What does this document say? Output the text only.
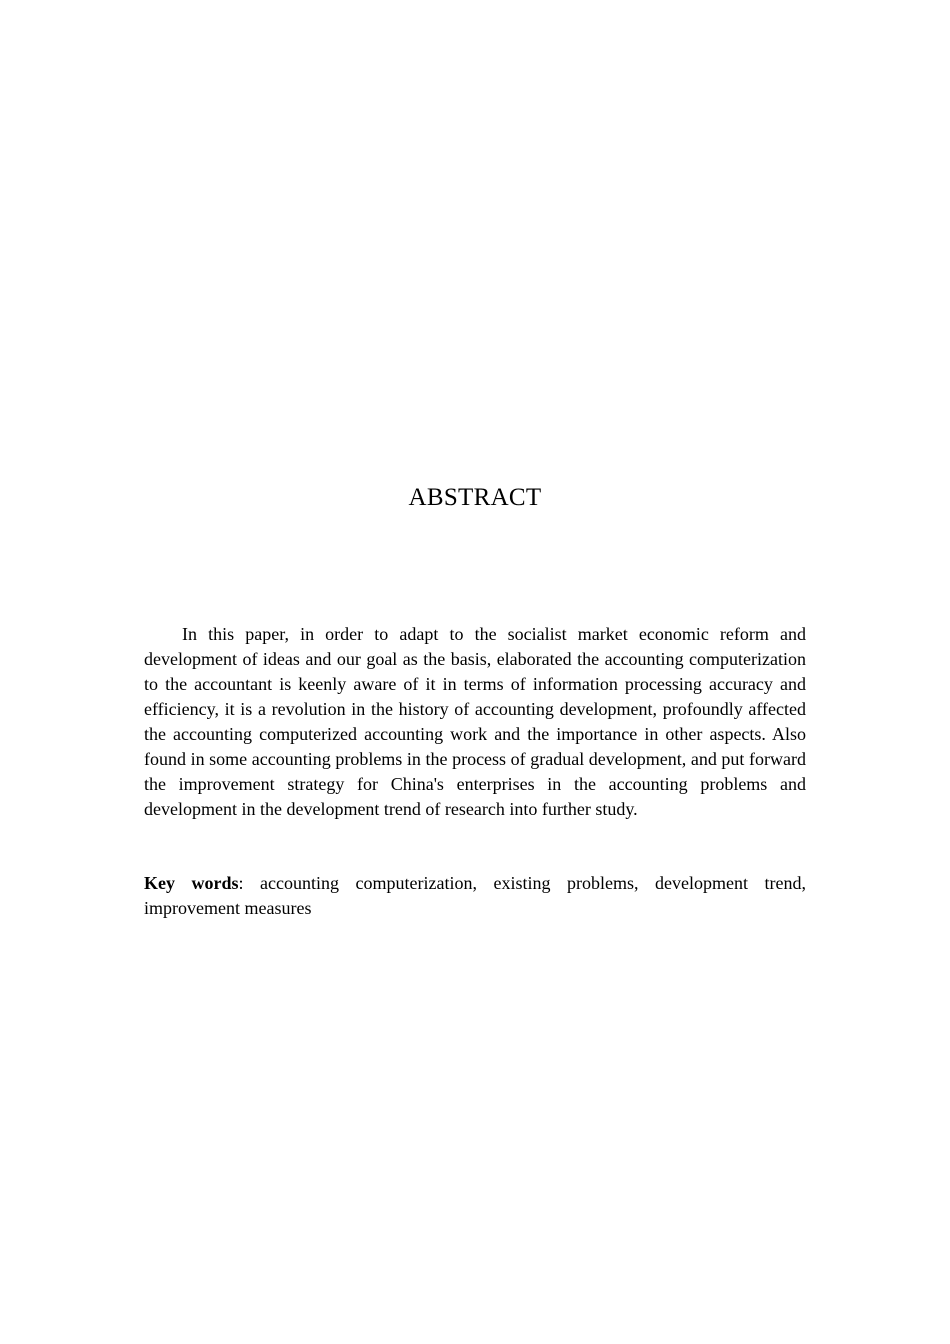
ABSTRACT

In this paper, in order to adapt to the socialist market economic reform and development of ideas and our goal as the basis, elaborated the accounting computerization to the accountant is keenly aware of it in terms of information processing accuracy and efficiency, it is a revolution in the history of accounting development, profoundly affected the accounting computerized accounting work and the importance in other aspects. Also found in some accounting problems in the process of gradual development, and put forward the improvement strategy for China's enterprises in the accounting problems and development in the development trend of research into further study.

Key words: accounting computerization, existing problems, development trend, improvement measures
